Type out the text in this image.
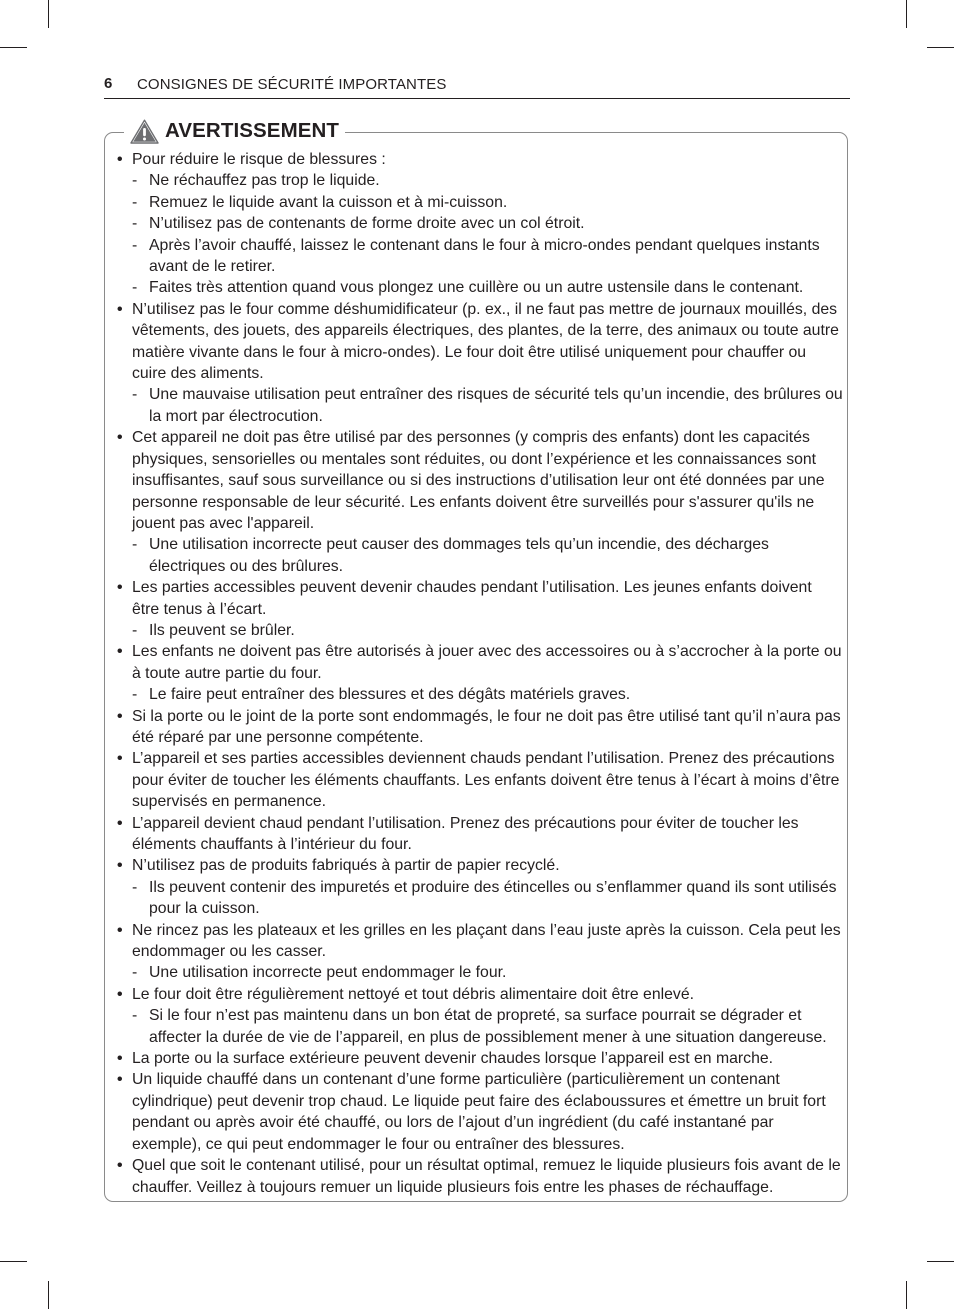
6 CONSIGNES DE SÉCURITÉ IMPORTANTES
AVERTISSEMENT
• Pour réduire le risque de blessures :
- Ne réchauffez pas trop le liquide.
- Remuez le liquide avant la cuisson et à mi-cuisson.
- N’utilisez pas de contenants de forme droite avec un col étroit.
- Après l’avoir chauffé, laissez le contenant dans le four à micro-ondes pendant quelques instants avant de le retirer.
- Faites très attention quand vous plongez une cuillère ou un autre ustensile dans le contenant.
• N’utilisez pas le four comme déshumidificateur (p. ex., il ne faut pas mettre de journaux mouillés, des vêtements, des jouets, des appareils électriques, des plantes, de la terre, des animaux ou toute autre matière vivante dans le four à micro-ondes). Le four doit être utilisé uniquement pour chauffer ou cuire des aliments.
- Une mauvaise utilisation peut entraîner des risques de sécurité tels qu’un incendie, des brûlures ou la mort par électrocution.
• Cet appareil ne doit pas être utilisé par des personnes (y compris des enfants) dont les capacités physiques, sensorielles ou mentales sont réduites, ou dont l’expérience et les connaissances sont insuffisantes, sauf sous surveillance ou si des instructions d’utilisation leur ont été données par une personne responsable de leur sécurité. Les enfants doivent être surveillés pour s'assurer qu'ils ne jouent pas avec l'appareil.
- Une utilisation incorrecte peut causer des dommages tels qu’un incendie, des décharges électriques ou des brûlures.
• Les parties accessibles peuvent devenir chaudes pendant l’utilisation. Les jeunes enfants doivent être tenus à l’écart.
- Ils peuvent se brûler.
• Les enfants ne doivent pas être autorisés à jouer avec des accessoires ou à s’accrocher à la porte ou à toute autre partie du four.
- Le faire peut entraîner des blessures et des dégâts matériels graves.
• Si la porte ou le joint de la porte sont endommagés, le four ne doit pas être utilisé tant qu’il n’aura pas été réparé par une personne compétente.
• L’appareil et ses parties accessibles deviennent chauds pendant l’utilisation. Prenez des précautions pour éviter de toucher les éléments chauffants. Les enfants doivent être tenus à l’écart à moins d’être supervisés en permanence.
• L’appareil devient chaud pendant l’utilisation. Prenez des précautions pour éviter de toucher les éléments chauffants à l’intérieur du four.
• N’utilisez pas de produits fabriqués à partir de papier recyclé.
- Ils peuvent contenir des impuretés et produire des étincelles ou s’enflammer quand ils sont utilisés pour la cuisson.
• Ne rincez pas les plateaux et les grilles en les plaçant dans l’eau juste après la cuisson. Cela peut les endommager ou les casser.
- Une utilisation incorrecte peut endommager le four.
• Le four doit être régulièrement nettoyé et tout débris alimentaire doit être enlevé.
- Si le four n’est pas maintenu dans un bon état de propreté, sa surface pourrait se dégrader et affecter la durée de vie de l’appareil, en plus de possiblement mener à une situation dangereuse.
• La porte ou la surface extérieure peuvent devenir chaudes lorsque l’appareil est en marche.
• Un liquide chauffé dans un contenant d’une forme particulière (particulièrement un contenant cylindrique) peut devenir trop chaud. Le liquide peut faire des éclaboussures et émettre un bruit fort pendant ou après avoir été chauffé, ou lors de l’ajout d’un ingrédient (du café instantané par exemple), ce qui peut endommager le four ou entraîner des blessures.
• Quel que soit le contenant utilisé, pour un résultat optimal, remuez le liquide plusieurs fois avant de le chauffer. Veillez à toujours remuer un liquide plusieurs fois entre les phases de réchauffage.
